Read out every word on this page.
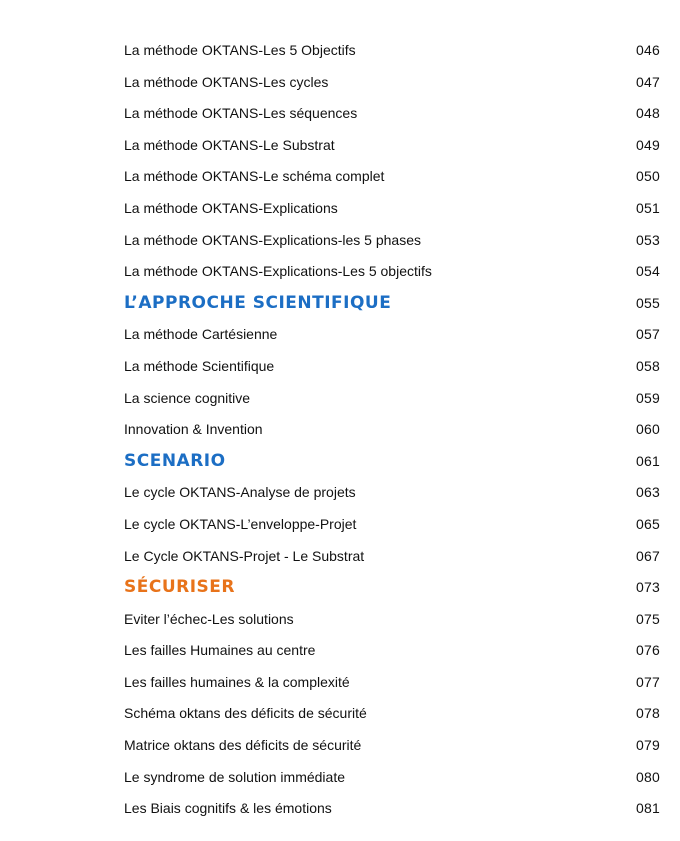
La méthode OKTANS-Les 5 Objectifs	046
La méthode OKTANS-Les cycles	047
La méthode OKTANS-Les séquences	048
La méthode OKTANS-Le Substrat	049
La méthode OKTANS-Le schéma complet	050
La méthode OKTANS-Explications	051
La méthode OKTANS-Explications-les 5 phases	053
La méthode OKTANS-Explications-Les 5 objectifs	054
L’APPROCHE SCIENTIFIQUE	055
La méthode Cartésienne	057
La méthode Scientifique	058
La science cognitive	059
Innovation & Invention	060
SCENARIO	061
Le cycle OKTANS-Analyse de projets	063
Le cycle OKTANS-L’enveloppe-Projet	065
Le Cycle OKTANS-Projet - Le Substrat	067
SÉCURISER	073
Eviter l’échec-Les solutions	075
Les failles Humaines au centre	076
Les failles humaines & la complexité	077
Schéma oktans des déficits de sécurité	078
Matrice oktans des déficits de sécurité	079
Le syndrome de solution immédiate	080
Les Biais cognitifs & les émotions	081
